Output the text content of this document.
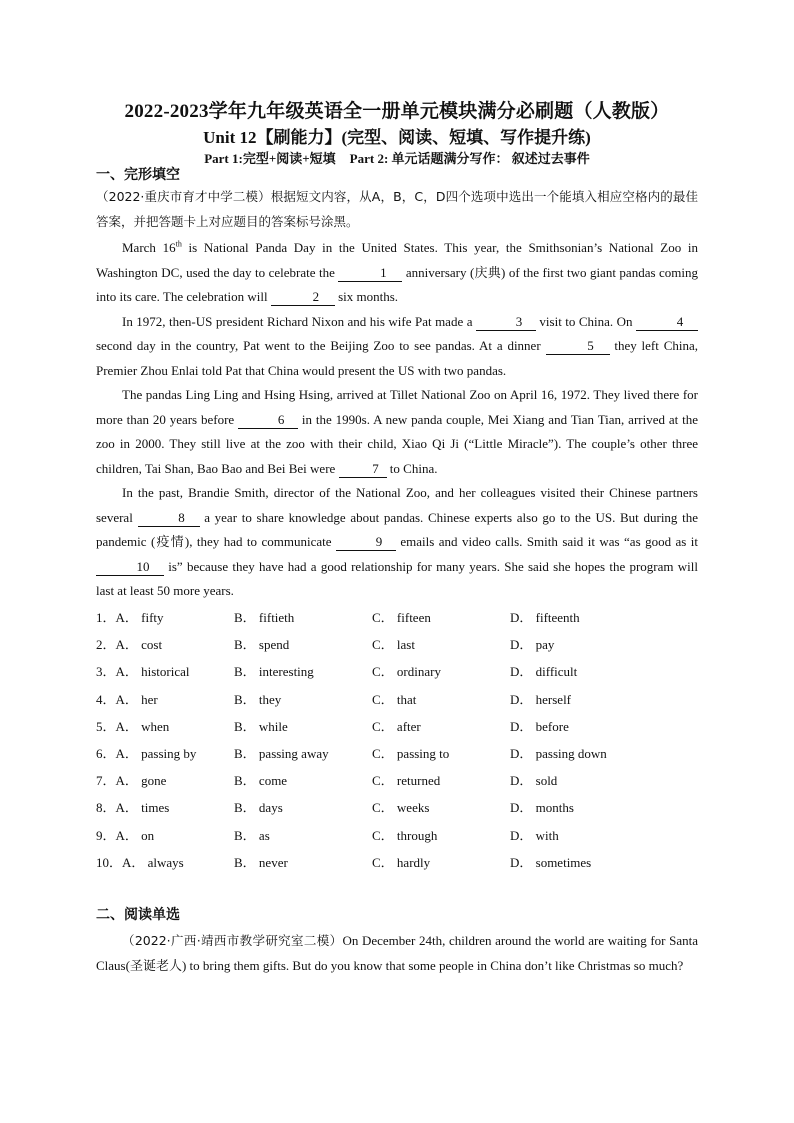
2022-2023学年九年级英语全一册单元模块满分必刷题（人教版）
Unit 12【刷能力】(完型、阅读、短填、写作提升练)
Part 1:完型+阅读+短填 Part 2: 单元话题满分写作： 叙述过去事件
一、完形填空

（2022·重庆市育才中学二模）根据短文内容，从A，B，C，D四个选项中选出一个能填入相应空格内的最佳答案，并把答题卡上对应题目的答案标号涂黑。

March 16th is National Panda Day in the United States. This year, the Smithsonian’s National Zoo in Washington DC, used the day to celebrate the	1 anniversary (庆典) of the first two giant pandas coming into its care. The celebration will	2 six months.

In 1972, then-US president Richard Nixon and his wife Pat made a	3 visit to China. On	4 second day in the country, Pat went to the Beijing Zoo to see pandas. At a dinner	5 they left China, Premier Zhou Enlai told Pat that China would present the US with two pandas.

The pandas Ling Ling and Hsing Hsing, arrived at Tillet National Zoo on April 16, 1972. They lived there for more than 20 years before	6 in the 1990s. A new panda couple, Mei Xiang and Tian Tian, arrived at the zoo in 2000. They still live at the zoo with their child, Xiao Qi Ji (“Little Miracle”). The couple’s other three children, Tai Shan, Bao Bao and Bei Bei were	7 to China.

In the past, Brandie Smith, director of the National Zoo, and her colleagues visited their Chinese partners several	8 a year to share knowledge about pandas. Chinese experts also go to the US. But during the pandemic (疫情), they had to communicate	9 emails and video calls. Smith said it was “as good as it 10 is” because they have had a good relationship for many years. She said she hopes the program will last at least 50 more years.

1．A． fifty	B． fiftieth	C． fifteen	D． fifteenth
2．A． cost	B． spend	C． last	D． pay
3．A． historical	B． interesting	C． ordinary	D． difficult
4．A． her	B． they	C． that	D． herself
5．A． when	B． while	C． after	D． before
6．A． passing by	B． passing away	C． passing to	D． passing down
7．A． gone	B． come	C． returned	D． sold
8．A． times	B． days	C． weeks	D． months
9．A． on	B． as	C． through	D． with
10．A． always	B． never	C． hardly	D． sometimes
二、阅读单选

（2022·广西·靖西市教学研究室二模）On December 24th, children around the world are waiting for Santa Claus(圣诞老人) to bring them gifts. But do you know that some people in China don’t like Christmas so much?
